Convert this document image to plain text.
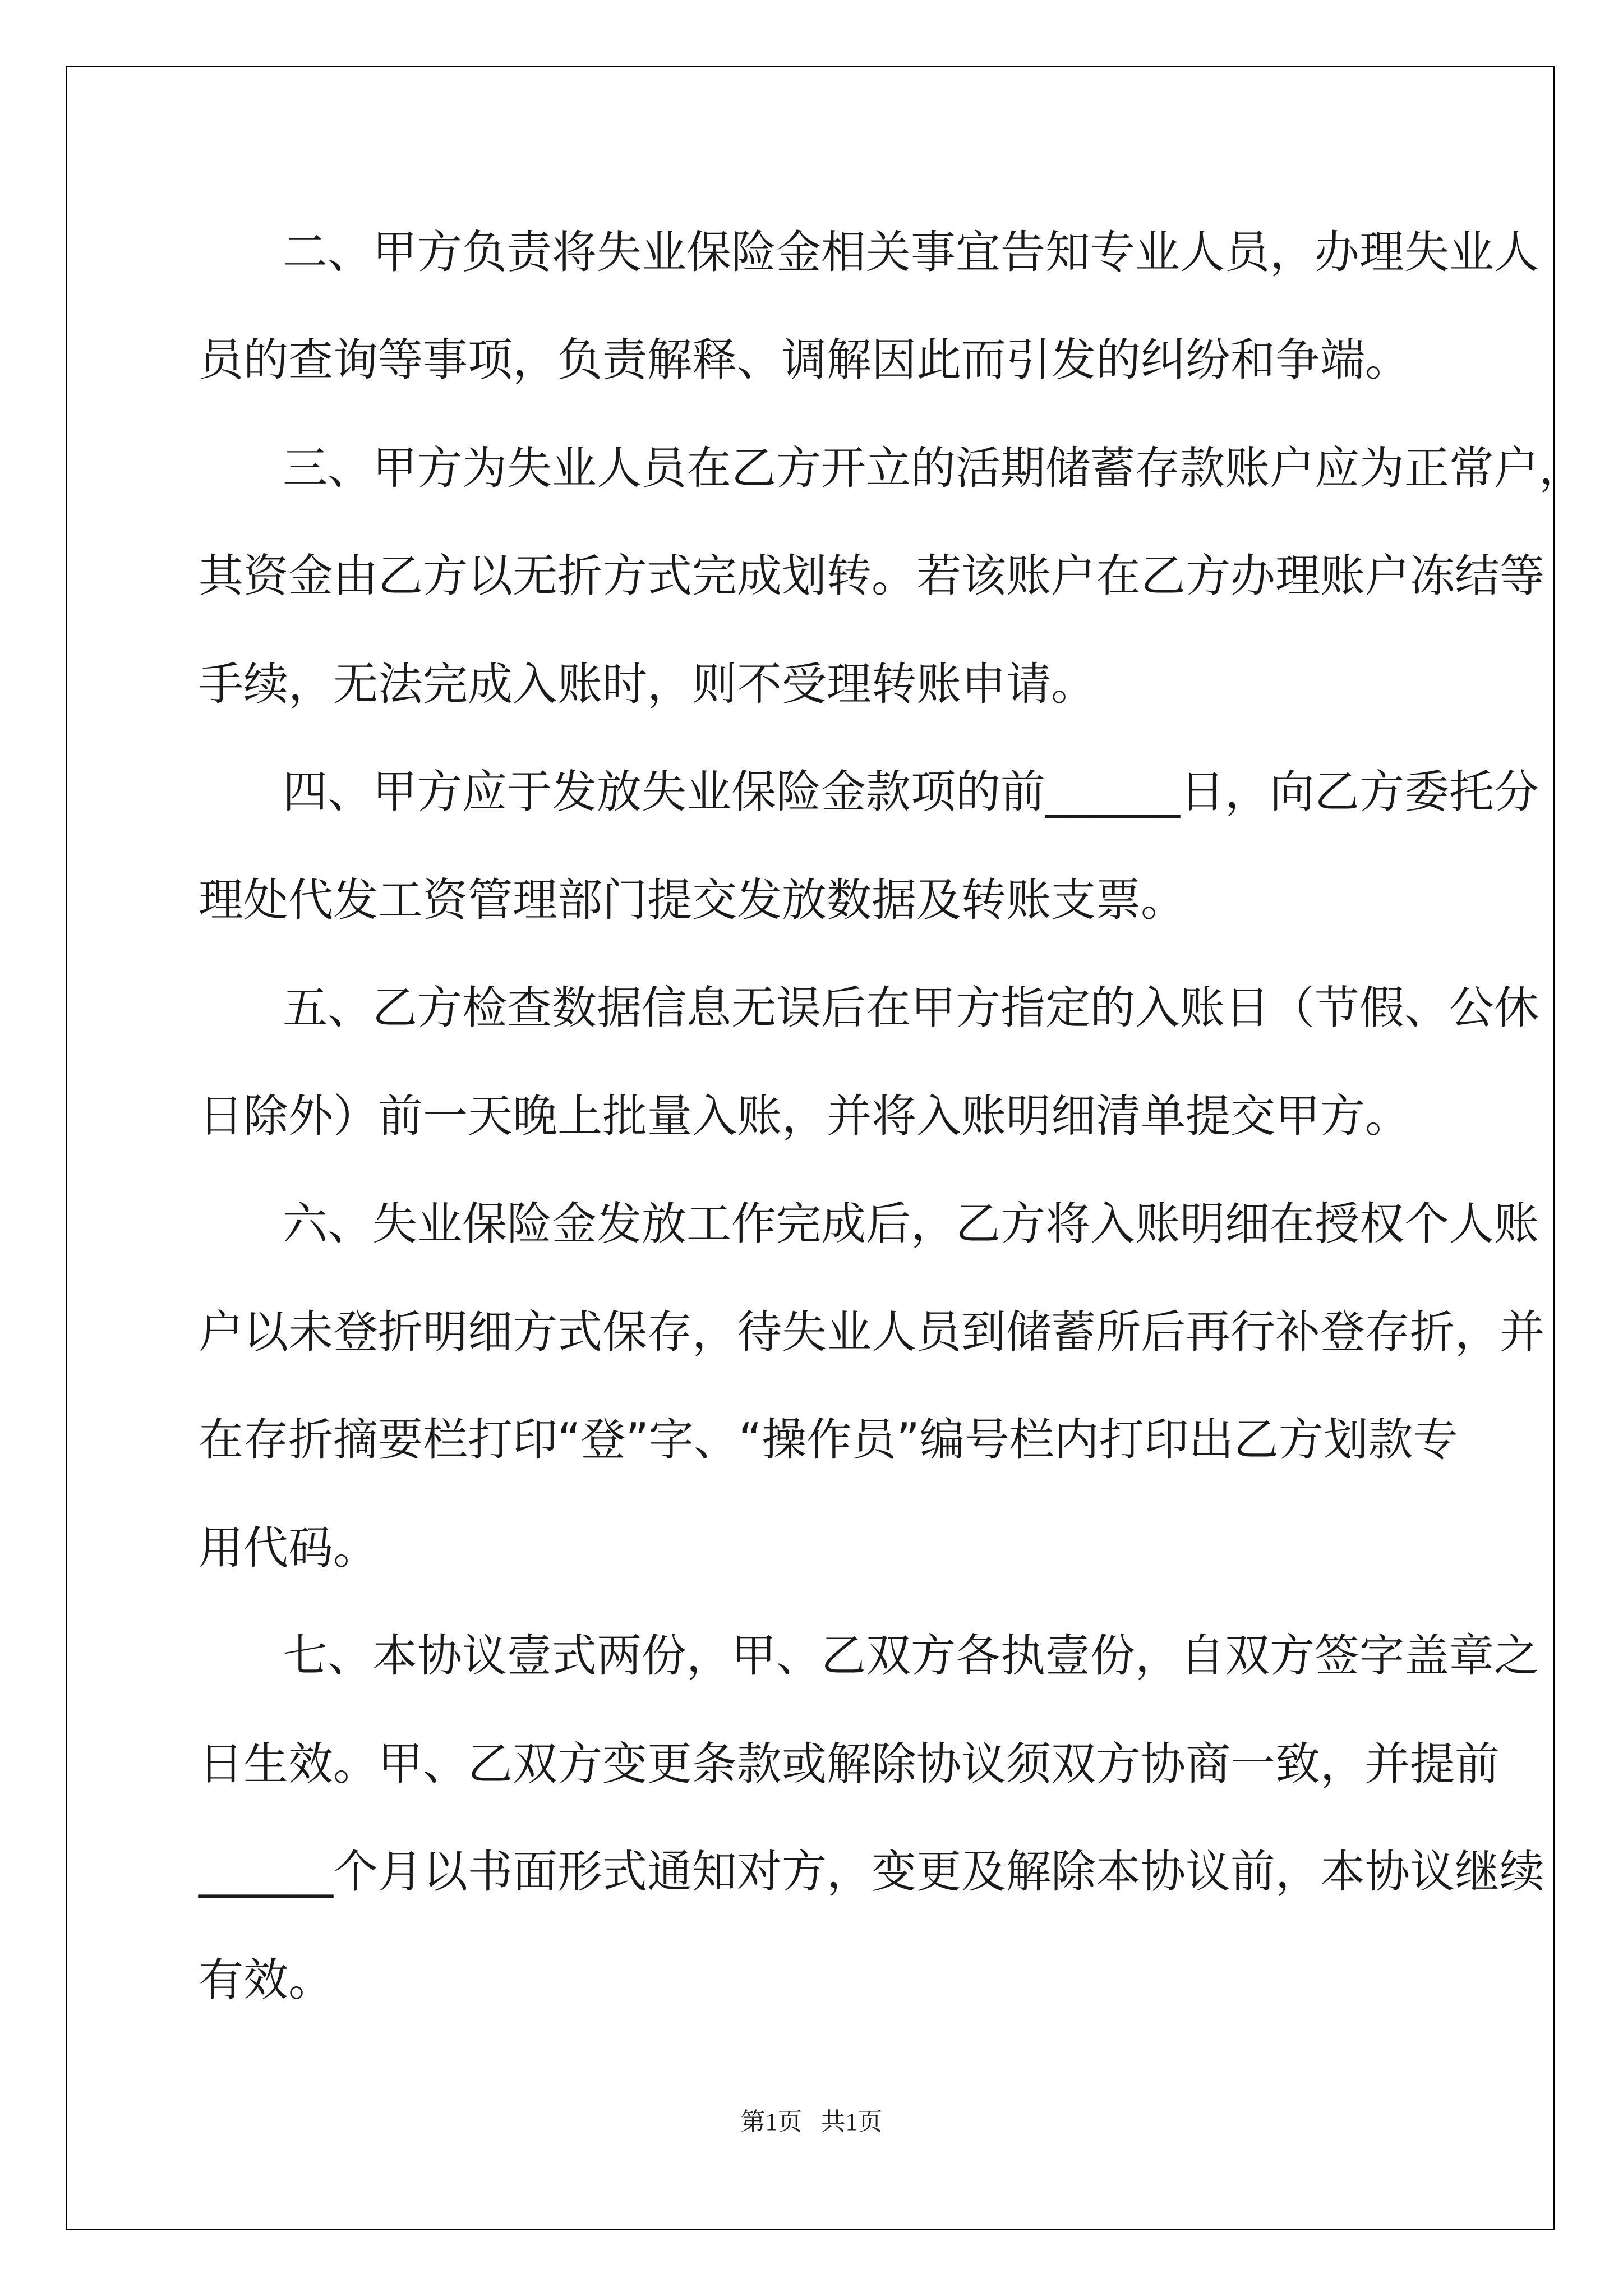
二、甲方负责将失业保险金相关事宜告知专业人员，办理失业人
员的查询等事项，负责解释、调解因此而引发的纠纷和争端。
三、甲方为失业人员在乙方开立的活期储蓄存款账户应为正常户，
其资金由乙方以无折方式完成划转。若该账户在乙方办理账户冻结等
手续，无法完成入账时，则不受理转账申请。
四、甲方应于发放失业保险金款项的前______日，向乙方委托分
理处代发工资管理部门提交发放数据及转账支票。
五、乙方检查数据信息无误后在甲方指定的入账日（节假、公休
日除外）前一天晚上批量入账，并将入账明细清单提交甲方。
六、失业保险金发放工作完成后，乙方将入账明细在授权个人账
户以未登折明细方式保存，待失业人员到储蓄所后再行补登存折，并
在存折摘要栏打印“登”字、“操作员”编号栏内打印出乙方划款专
用代码。
七、本协议壹式两份，甲、乙双方各执壹份，自双方签字盖章之
日生效。甲、乙双方变更条款或解除协议须双方协商一致，并提前
______个月以书面形式通知对方，变更及解除本协议前，本协议继续
有效。
第1页   共1页
